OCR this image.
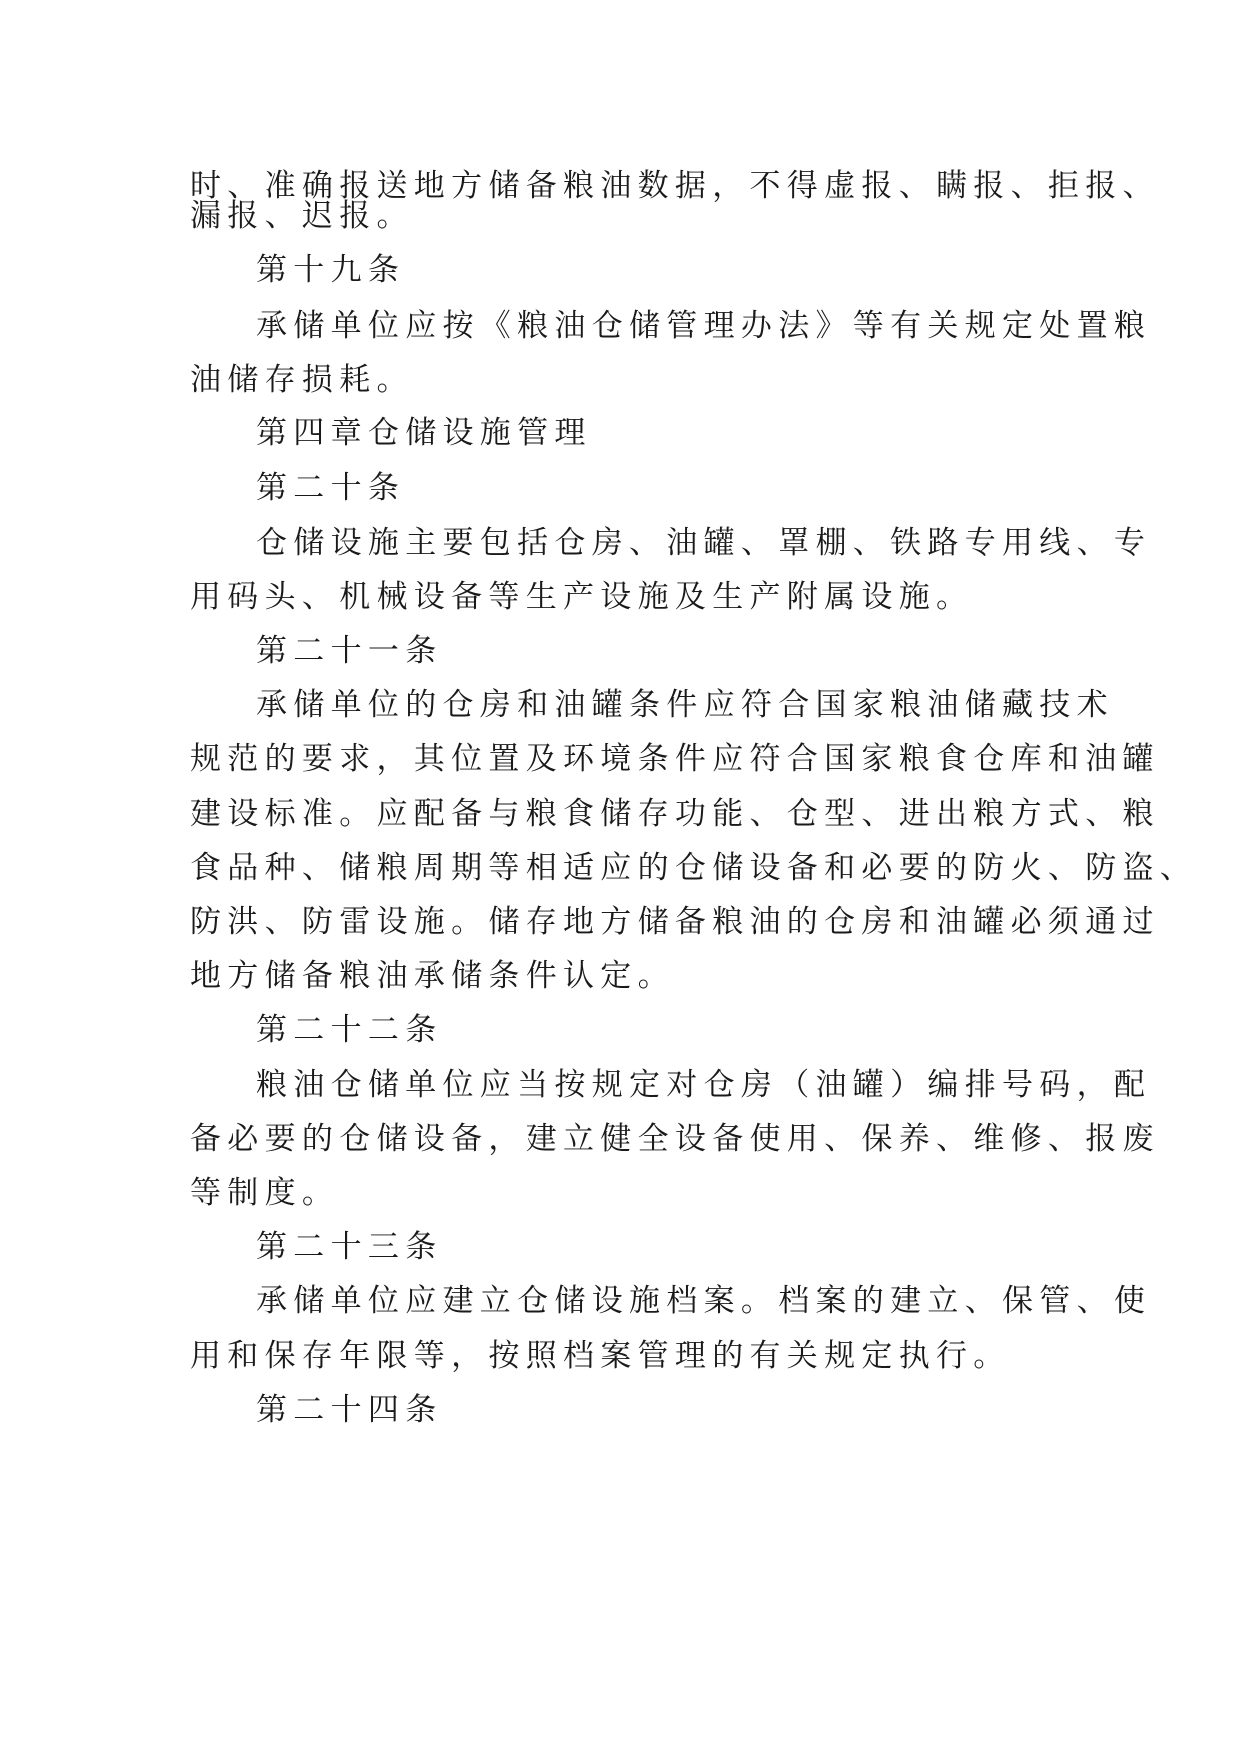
时、准确报送地方储备粮油数据，不得虚报、瞒报、拒报、
漏报、迟报。
第十九条
承储单位应按《粮油仓储管理办法》等有关规定处置粮
油储存损耗。
第四章仓储设施管理
第二十条
仓储设施主要包括仓房、油罐、罩棚、铁路专用线、专
用码头、机械设备等生产设施及生产附属设施。
第二十一条
承储单位的仓房和油罐条件应符合国家粮油储藏技术
规范的要求，其位置及环境条件应符合国家粮食仓库和油罐
建设标准。应配备与粮食储存功能、仓型、进出粮方式、粮
食品种、储粮周期等相适应的仓储设备和必要的防火、防盗、
防洪、防雷设施。储存地方储备粮油的仓房和油罐必须通过
地方储备粮油承储条件认定。
第二十二条
粮油仓储单位应当按规定对仓房（油罐）编排号码，配
备必要的仓储设备，建立健全设备使用、保养、维修、报废
等制度。
第二十三条
承储单位应建立仓储设施档案。档案的建立、保管、使
用和保存年限等，按照档案管理的有关规定执行。
第二十四条
